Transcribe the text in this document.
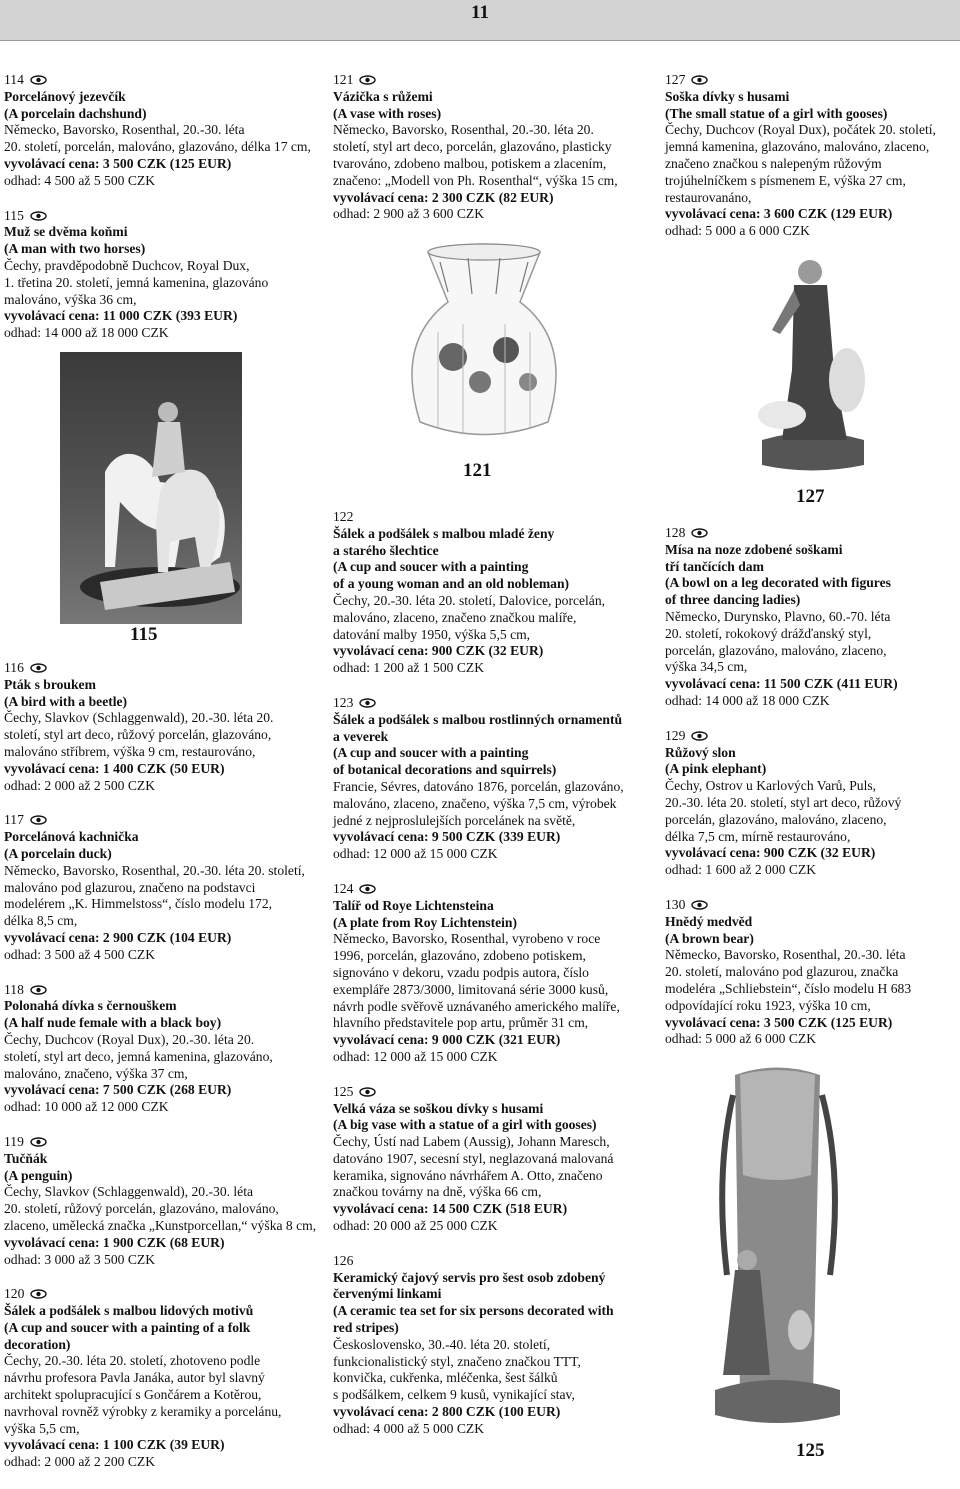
11
114
Porcelánový jezevčík
(A porcelain dachshund)
Německo, Bavorsko, Rosenthal, 20.-30. léta
20. století, porcelán, malováno, glazováno, délka 17 cm,
vyvolávací cena: 3 500 CZK (125 EUR)
odhad: 4 500 až 5 500 CZK
115
Muž se dvěma koňmi
(A man with two horses)
Čechy, pravděpodobně Duchcov, Royal Dux,
1. třetina 20. století, jemná kamenina, glazováno
malováno, výška 36 cm,
vyvolávací cena: 11 000 CZK (393 EUR)
odhad: 14 000 až 18 000 CZK
115
116
Pták s broukem
(A bird with a beetle)
Čechy, Slavkov (Schlaggenwald), 20.-30. léta 20.
století, styl art deco, růžový porcelán, glazováno,
malováno stříbrem, výška 9 cm, restaurováno,
vyvolávací cena: 1 400 CZK (50 EUR)
odhad: 2 000 až 2 500 CZK
117
Porcelánová kachnička
(A porcelain duck)
Německo, Bavorsko, Rosenthal, 20.-30. léta 20. století,
malováno pod glazurou, značeno na podstavci
modelérem „K. Himmelstoss“, číslo modelu 172,
délka 8,5 cm,
vyvolávací cena: 2 900 CZK (104 EUR)
odhad: 3 500 až 4 500 CZK
118
Polonahá dívka s černouškem
(A half nude female with a black boy)
Čechy, Duchcov (Royal Dux), 20.-30. léta 20.
století, styl art deco, jemná kamenina, glazováno,
malováno, značeno, výška 37 cm,
vyvolávací cena: 7 500 CZK (268 EUR)
odhad: 10 000 až 12 000 CZK
119
Tučňák
(A penguin)
Čechy, Slavkov (Schlaggenwald), 20.-30. léta
20. století, růžový porcelán, glazováno, malováno,
zlaceno, umělecká značka „Kunstporcellan,“ výška 8 cm,
vyvolávací cena: 1 900 CZK (68 EUR)
odhad: 3 000 až 3 500 CZK
120
Šálek a podšálek s malbou lidových motivů
(A cup and soucer with a painting of a folk
decoration)
Čechy, 20.-30. léta 20. století, zhotoveno podle
návrhu profesora Pavla Janáka, autor byl slavný
architekt spolupracující s Gončárem a Kotěrou,
navrhoval rovněž výrobky z keramiky a porcelánu,
výška 5,5 cm,
vyvolávací cena: 1 100 CZK (39 EUR)
odhad: 2 000 až 2 200 CZK
121
Vázička s růžemi
(A vase with roses)
Německo, Bavorsko, Rosenthal, 20.-30. léta 20.
století, styl art deco, porcelán, glazováno, plasticky
tvarováno, zdobeno malbou, potiskem a zlacením,
značeno: „Modell von Ph. Rosenthal“, výška 15 cm,
vyvolávací cena: 2 300 CZK (82 EUR)
odhad: 2 900 až 3 600 CZK
121
122
Šálek a podšálek s malbou mladé ženy
a starého šlechtice
(A cup and soucer with a painting
of a young woman and an old nobleman)
Čechy, 20.-30. léta 20. století, Dalovice, porcelán,
malováno, zlaceno, značeno značkou malíře,
datování malby 1950, výška 5,5 cm,
vyvolávací cena: 900 CZK (32 EUR)
odhad: 1 200 až 1 500 CZK
123
Šálek a podšálek s malbou rostlinných ornamentů
a veverek
(A cup and soucer with a painting
of botanical decorations and squirrels)
Francie, Sévres, datováno 1876, porcelán, glazováno,
malováno, zlaceno, značeno, výška 7,5 cm, výrobek
jedné z nejproslulejších porcelánek na světě,
vyvolávací cena: 9 500 CZK (339 EUR)
odhad: 12 000 až 15 000 CZK
124
Talíř od Roye Lichtensteina
(A plate from Roy Lichtenstein)
Německo, Bavorsko, Rosenthal, vyrobeno v roce
1996, porcelán, glazováno, zdobeno potiskem,
signováno v dekoru, vzadu podpis autora, číslo
exempláře 2873/3000, limitovaná série 3000 kusů,
návrh podle svěřově uznávaného amerického malíře,
hlavního představitele pop artu, průměr 31 cm,
vyvolávací cena: 9 000 CZK (321 EUR)
odhad: 12 000 až 15 000 CZK
125
Velká váza se soškou dívky s husami
(A big vase with a statue of a girl with gooses)
Čechy, Ústí nad Labem (Aussig), Johann Maresch,
datováno 1907, secesní styl, neglazovaná malovaná
keramika, signováno návrhářem A. Otto, značeno
značkou továrny na dně, výška 66 cm,
vyvolávací cena: 14 500 CZK (518 EUR)
odhad: 20 000 až 25 000 CZK
126
Keramický čajový servis pro šest osob zdobený
červenými linkami
(A ceramic tea set for six persons decorated with
red stripes)
Československo, 30.-40. léta 20. století,
funkcionalistický styl, značeno značkou TTT,
konvička, cukřenka, mléčenka, šest šálků
s podšálkem, celkem 9 kusů, vynikající stav,
vyvolávací cena: 2 800 CZK (100 EUR)
odhad: 4 000 až 5 000 CZK
127
Soška dívky s husami
(The small statue of a girl with gooses)
Čechy, Duchcov (Royal Dux), počátek 20. století,
jemná kamenina, glazováno, malováno, zlaceno,
značeno značkou s nalepeným růžovým
trojúhelníčkem s písmenem E, výška 27 cm,
restaurovanáno,
vyvolávací cena: 3 600 CZK (129 EUR)
odhad: 5 000 a 6 000 CZK
127
128
Mísa na noze zdobené soškami
tří tančících dam
(A bowl on a leg decorated with figures
of three dancing ladies)
Německo, Durynsko, Plavno, 60.-70. léta
20. století, rokokový drážďanský styl,
porcelán, glazováno, malováno, zlaceno,
výška 34,5 cm,
vyvolávací cena: 11 500 CZK (411 EUR)
odhad: 14 000 až 18 000 CZK
129
Růžový slon
(A pink elephant)
Čechy, Ostrov u Karlových Varů, Puls,
20.-30. léta 20. století, styl art deco, růžový
porcelán, glazováno, malováno, zlaceno,
délka 7,5 cm, mírně restaurováno,
vyvolávací cena: 900 CZK (32 EUR)
odhad: 1 600 až 2 000 CZK
130
Hnědý medvěd
(A brown bear)
Německo, Bavorsko, Rosenthal, 20.-30. léta
20. století, malováno pod glazurou, značka
modeléra „Schliebstein“, číslo modelu H 683
odpovídající roku 1923, výška 10 cm,
vyvolávací cena: 3 500 CZK (125 EUR)
odhad: 5 000 až 6 000 CZK
125
